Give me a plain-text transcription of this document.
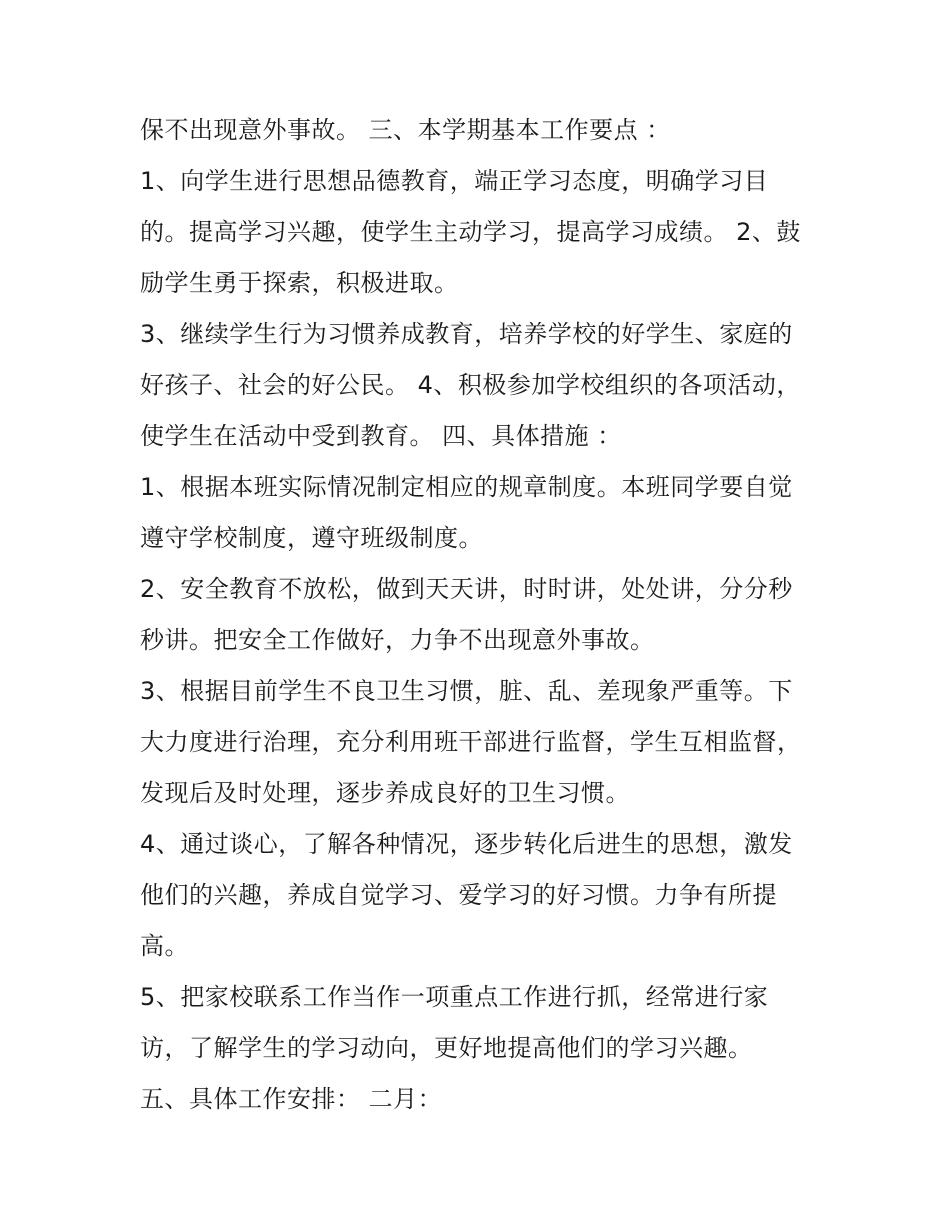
保不出现意外事故。 三、本学期基本工作要点 ：
1、向学生进行思想品德教育，端正学习态度，明确学习目
的。提高学习兴趣，使学生主动学习，提高学习成绩。 2、鼓
励学生勇于探索，积极进取。
3、继续学生行为习惯养成教育，培养学校的好学生、家庭的
好孩子、社会的好公民。 4、积极参加学校组织的各项活动，
使学生在活动中受到教育。 四、具体措施 ：
1、根据本班实际情况制定相应的规章制度。本班同学要自觉
遵守学校制度，遵守班级制度。
2、安全教育不放松，做到天天讲，时时讲，处处讲，分分秒
秒讲。把安全工作做好，力争不出现意外事故。
3、根据目前学生不良卫生习惯，脏、乱、差现象严重等。下
大力度进行治理，充分利用班干部进行监督，学生互相监督，
发现后及时处理，逐步养成良好的卫生习惯。
4、通过谈心，了解各种情况，逐步转化后进生的思想，激发
他们的兴趣，养成自觉学习、爱学习的好习惯。力争有所提
高。
5、把家校联系工作当作一项重点工作进行抓，经常进行家
访，了解学生的学习动向，更好地提高他们的学习兴趣。
五、具体工作安排： 二月：
